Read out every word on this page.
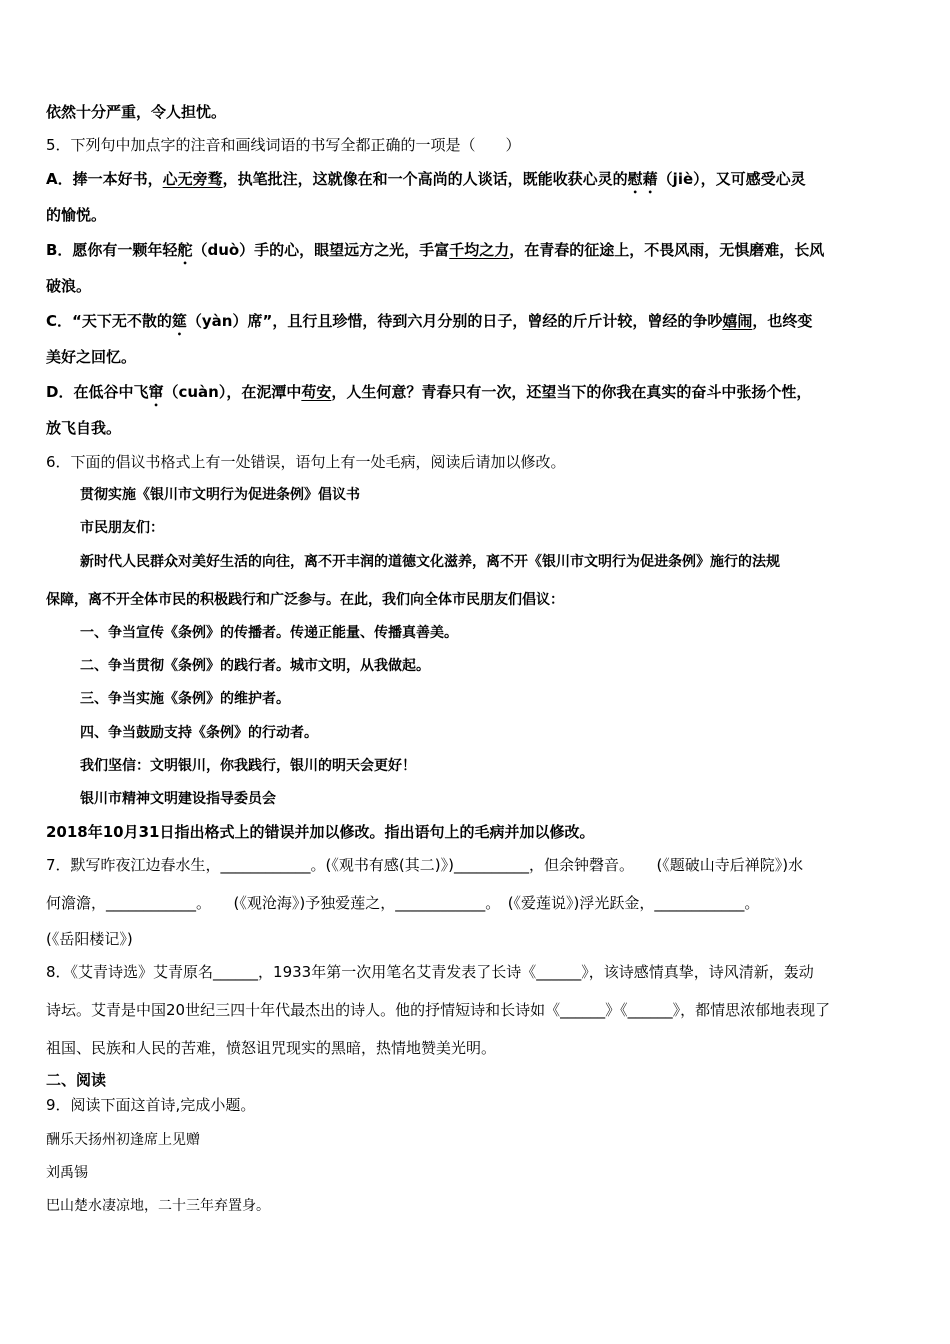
依然十分严重，令人担忧。
5．下列句中加点字的注音和画线词语的书写全都正确的一项是（　　）
A．捧一本好书，心无旁骛，执笔批注，这就像在和一个高尚的人谈话，既能收获心灵的慰藉（jiè），又可感受心灵
的愉悦。
B．愿你有一颗年轻舵（duò）手的心，眼望远方之光，手富千均之力，在青春的征途上，不畏风雨，无惧磨难，长风
破浪。
C．“天下无不散的筵（yàn）席”，且行且珍惜，待到六月分别的日子，曾经的斤斤计较，曾经的争吵嬉闹，也终变
美好之回忆。
D．在低谷中飞窜（cuàn），在泥潭中苟安，人生何意？青春只有一次，还望当下的你我在真实的奋斗中张扬个性，
放飞自我。
6．下面的倡议书格式上有一处错误，语句上有一处毛病，阅读后请加以修改。
贯彻实施《银川市文明行为促进条例》倡议书
市民朋友们：
新时代人民群众对美好生活的向往，离不开丰润的道德文化滋养，离不开《银川市文明行为促进条例》施行的法规
保障，离不开全体市民的积极践行和广泛参与。在此，我们向全体市民朋友们倡议：
一、争当宣传《条例》的传播者。传递正能量、传播真善美。
二、争当贯彻《条例》的践行者。城市文明，从我做起。
三、争当实施《条例》的维护者。
四、争当鼓励支持《条例》的行动者。
我们坚信：文明银川，你我践行，银川的明天会更好！
银川市精神文明建设指导委员会
2018年10月31日指出格式上的错误并加以修改。指出语句上的毛病并加以修改。
7．默写昨夜江边春水生，____________。(《观书有感(其二)》)__________，但余钟磬音。　　(《题破山寺后禅院》)水
何澹澹，____________。　　(《观沧海》)予独爱莲之，____________。　(《爱莲说》)浮光跃金，____________。
(《岳阳楼记》)
8．《艾青诗选》艾青原名______，1933年第一次用笔名艾青发表了长诗《______》，该诗感情真挚，诗风清新，轰动
诗坛。艾青是中国20世纪三四十年代最杰出的诗人。他的抒情短诗和长诗如《______》《______》，都情思浓郁地表现了
祖国、民族和人民的苦难，愤怒诅咒现实的黑暗，热情地赞美光明。
二、阅读
9．阅读下面这首诗,完成小题。
酬乐天扬州初逢席上见赠
刘禹锡
巴山楚水凄凉地，二十三年弃置身。
